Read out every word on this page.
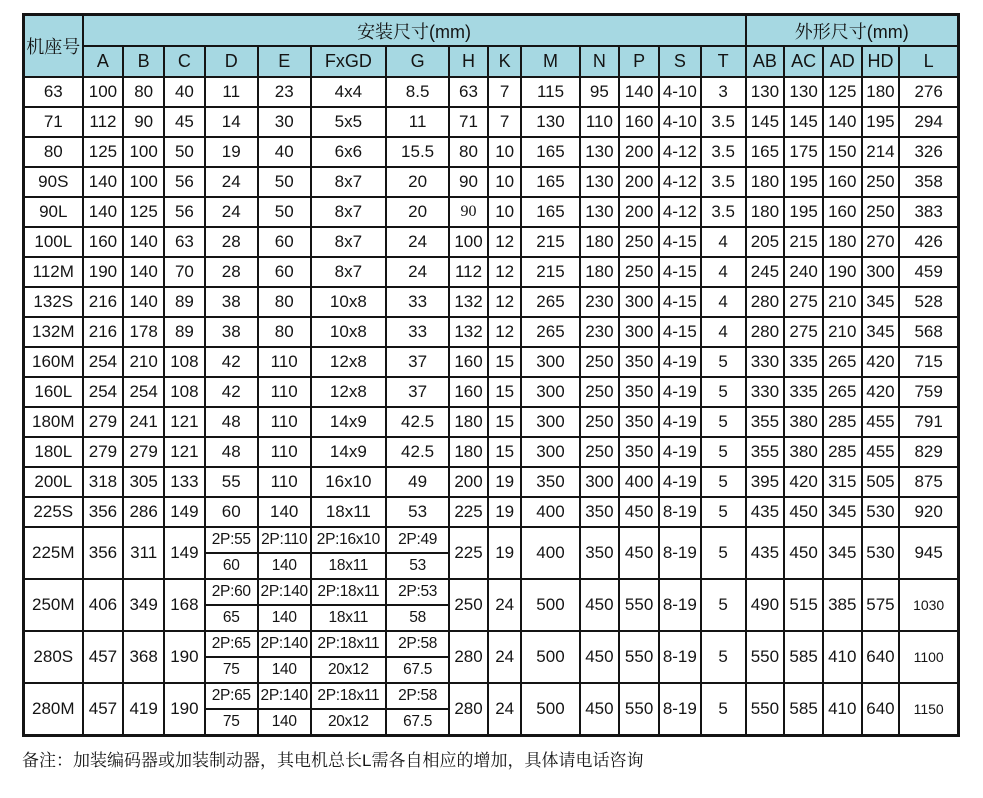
机座号	安装尺寸(mm)														外形尺寸(mm)				
	A	B	C	D	E	FxGD	G	H	K	M	N	P	S	T	AB	AC	AD	HD	L
63	100	80	40	11	23	4x4	8.5	63	7	115	95	140	4-10	3	130	130	125	180	276
71	112	90	45	14	30	5x5	11	71	7	130	110	160	4-10	3.5	145	145	140	195	294
80	125	100	50	19	40	6x6	15.5	80	10	165	130	200	4-12	3.5	165	175	150	214	326
90S	140	100	56	24	50	8x7	20	90	10	165	130	200	4-12	3.5	180	195	160	250	358
90L	140	125	56	24	50	8x7	20	90	10	165	130	200	4-12	3.5	180	195	160	250	383
100L	160	140	63	28	60	8x7	24	100	12	215	180	250	4-15	4	205	215	180	270	426
112M	190	140	70	28	60	8x7	24	112	12	215	180	250	4-15	4	245	240	190	300	459
132S	216	140	89	38	80	10x8	33	132	12	265	230	300	4-15	4	280	275	210	345	528
132M	216	178	89	38	80	10x8	33	132	12	265	230	300	4-15	4	280	275	210	345	568
160M	254	210	108	42	110	12x8	37	160	15	300	250	350	4-19	5	330	335	265	420	715
160L	254	254	108	42	110	12x8	37	160	15	300	250	350	4-19	5	330	335	265	420	759
180M	279	241	121	48	110	14x9	42.5	180	15	300	250	350	4-19	5	355	380	285	455	791
180L	279	279	121	48	110	14x9	42.5	180	15	300	250	350	4-19	5	355	380	285	455	829
200L	318	305	133	55	110	16x10	49	200	19	350	300	400	4-19	5	395	420	315	505	875
225S	356	286	149	60	140	18x11	53	225	19	400	350	450	8-19	5	435	450	345	530	920
225M	356	311	149	2P:55	2P:110	2P:16x10	2P:49	225	19	400	350	450	8-19	5	435	450	345	530	945
				60	140	18x11	53												
250M	406	349	168	2P:60	2P:140	2P:18x11	2P:53	250	24	500	450	550	8-19	5	490	515	385	575	1030
				65	140	18x11	58												
280S	457	368	190	2P:65	2P:140	2P:18x11	2P:58	280	24	500	450	550	8-19	5	550	585	410	640	1100
				75	140	20x12	67.5												
280M	457	419	190	2P:65	2P:140	2P:18x11	2P:58	280	24	500	450	550	8-19	5	550	585	410	640	1150
				75	140	20x12	67.5												
备注：加装编码器或加装制动器，其电机总长L需各自相应的增加，具体请电话咨询
